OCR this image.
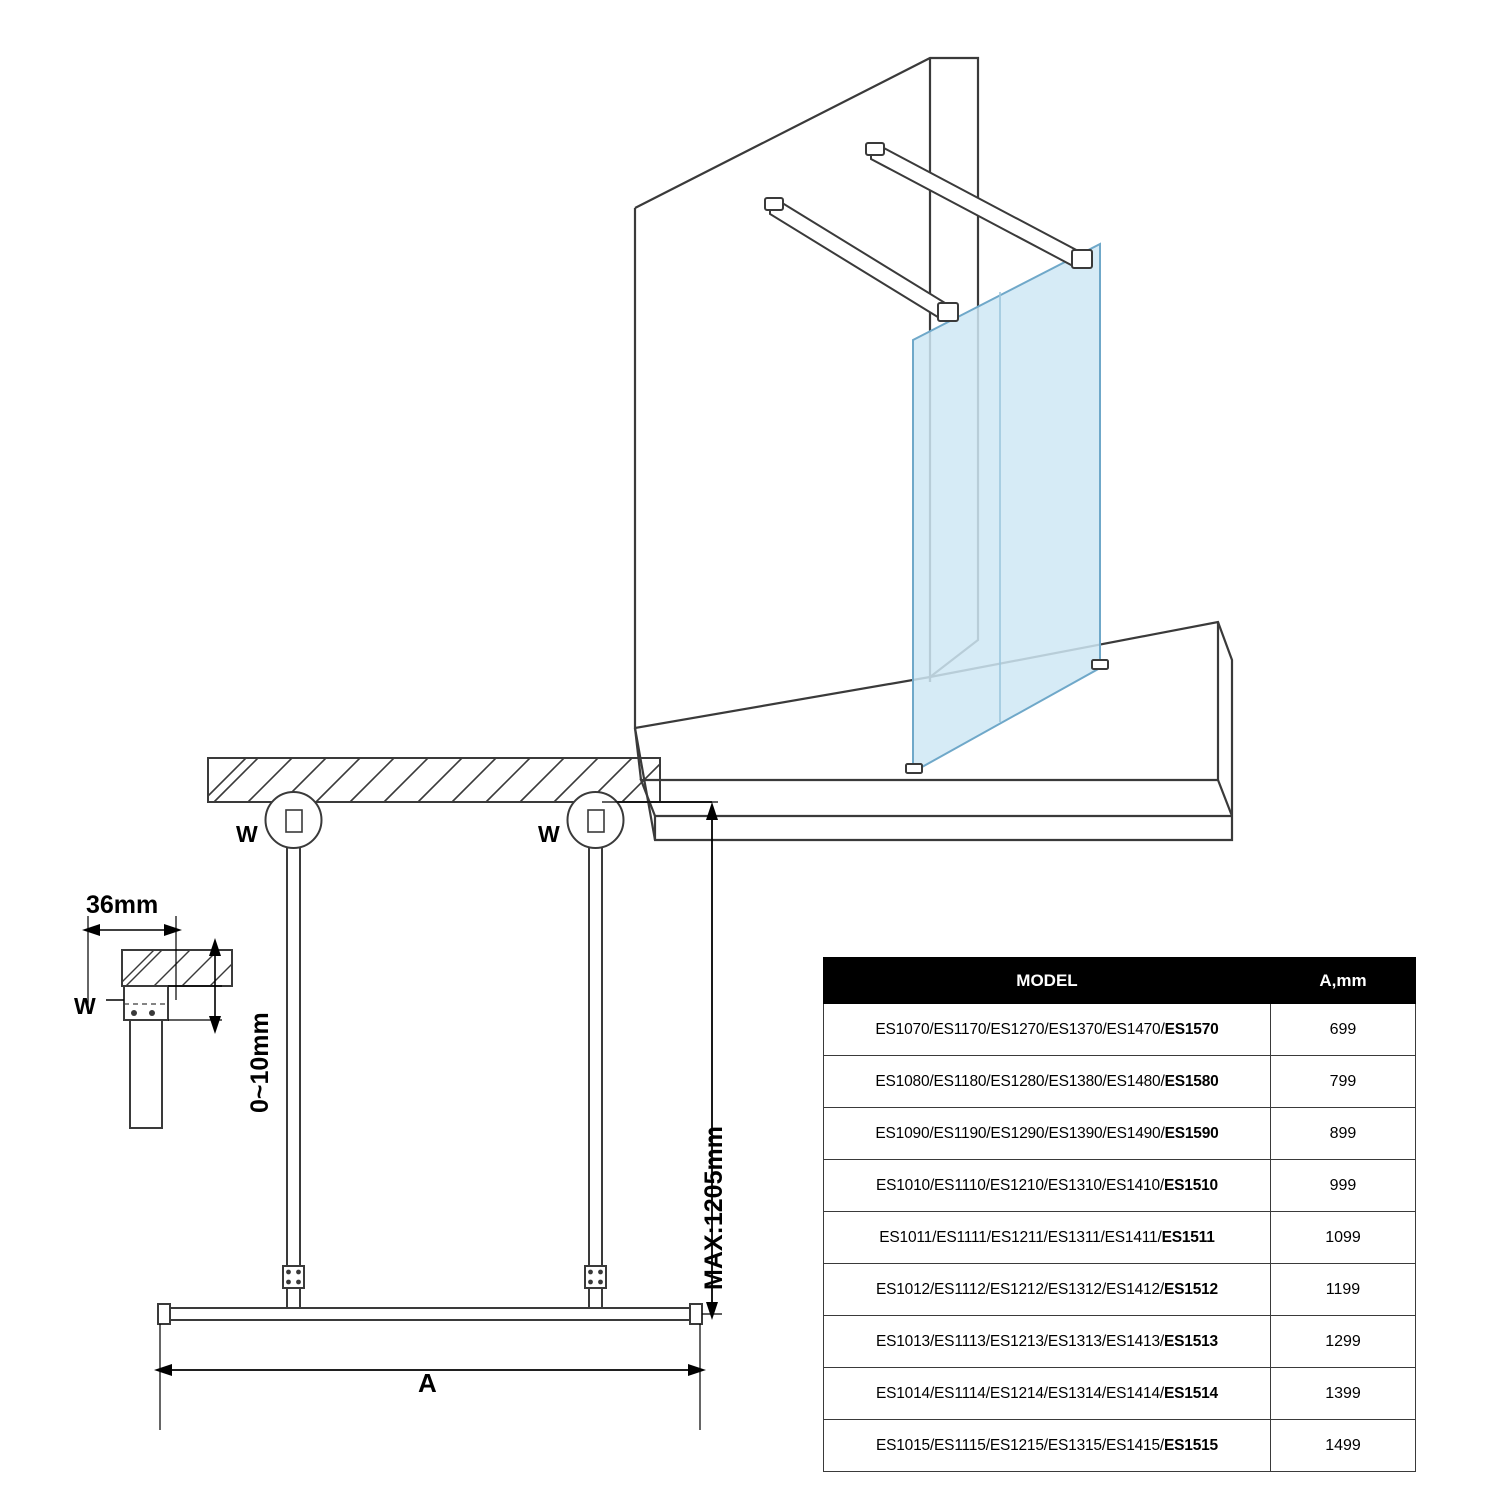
36mm
W
W	W
0~10mm
MAX:1205mm
A
MODEL	A,mm
ES1070/ES1170/ES1270/ES1370/ES1470/ES1570	699
ES1080/ES1180/ES1280/ES1380/ES1480/ES1580	799
ES1090/ES1190/ES1290/ES1390/ES1490/ES1590	899
ES1010/ES1110/ES1210/ES1310/ES1410/ES1510	999
ES1011/ES1111/ES1211/ES1311/ES1411/ES1511	1099
ES1012/ES1112/ES1212/ES1312/ES1412/ES1512	1199
ES1013/ES1113/ES1213/ES1313/ES1413/ES1513	1299
ES1014/ES1114/ES1214/ES1314/ES1414/ES1514	1399
ES1015/ES1115/ES1215/ES1315/ES1415/ES1515	1499
